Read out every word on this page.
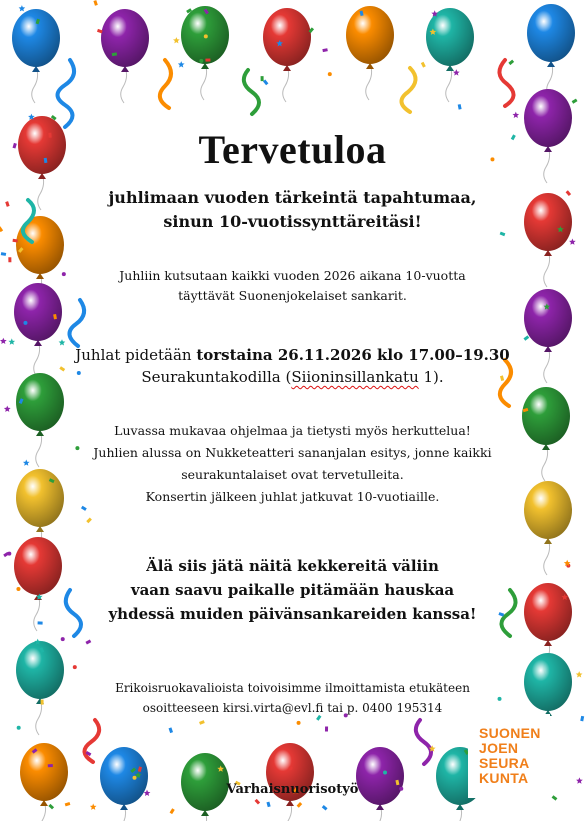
Tervetuloa
juhlimaan vuoden tärkeintä tapahtumaa,
sinun 10-vuotissynttäreitäsi!
Juhliin kutsutaan kaikki vuoden 2026 aikana 10-vuotta
täyttävät Suonenjokelaiset sankarit.
Juhlat pidetään torstaina 26.11.2026 klo 17.00–19.30
Seurakuntakodilla (Siioninsillankatu 1).
Luvassa mukavaa ohjelmaa ja tietysti myös herkuttelua!
Juhlien alussa on Nukketeatteri sananjalan esitys, jonne kaikki
seurakuntalaiset ovat tervetulleita.
Konsertin jälkeen juhlat jatkuvat 10-vuotiaille.
Älä siis jätä näitä kekkereitä väliin
vaan saavu paikalle pitämään hauskaa
yhdessä muiden päivänsankareiden kanssa!
Erikoisruokavalioista toivoisimme ilmoittamista etukäteen
osoitteeseen kirsi.virta@evl.fi tai p. 0400 195314
Varhaisnuorisotyö
SUONEN
JOEN
SEURA
KUNTA
